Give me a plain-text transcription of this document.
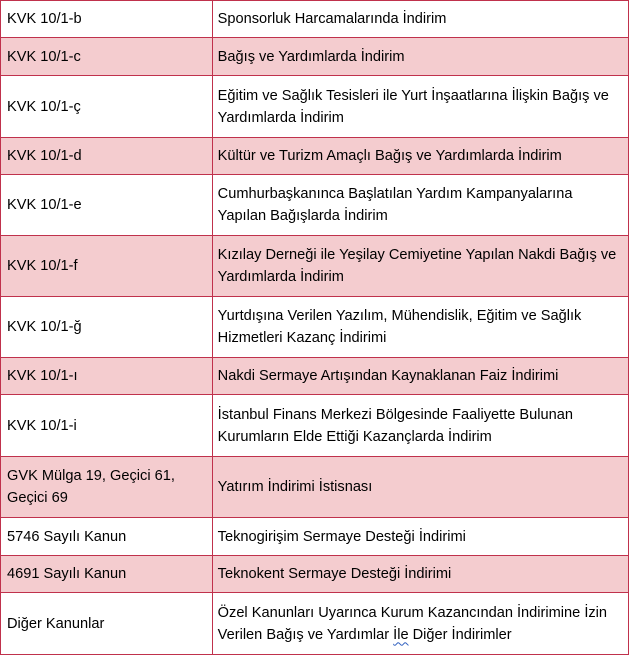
KVK 10/1-b	Sponsorluk Harcamalarında İndirim
KVK 10/1-c	Bağış ve Yardımlarda İndirim
KVK 10/1-ç	Eğitim ve Sağlık Tesisleri ile Yurt İnşaatlarına İlişkin Bağış ve Yardımlarda İndirim
KVK 10/1-d	Kültür ve Turizm Amaçlı Bağış ve Yardımlarda İndirim
KVK 10/1-e	Cumhurbaşkanınca Başlatılan Yardım Kampanyalarına Yapılan Bağışlarda İndirim
KVK 10/1-f	Kızılay Derneği ile Yeşilay Cemiyetine Yapılan Nakdi Bağış ve Yardımlarda İndirim
KVK 10/1-ğ	Yurtdışına Verilen Yazılım, Mühendislik, Eğitim ve Sağlık Hizmetleri Kazanç İndirimi
KVK 10/1-ı	Nakdi Sermaye Artışından Kaynaklanan Faiz İndirimi
KVK 10/1-i	İstanbul Finans Merkezi Bölgesinde Faaliyette Bulunan Kurumların Elde Ettiği Kazançlarda İndirim
GVK Mülga 19, Geçici 61, Geçici 69	Yatırım İndirimi İstisnası
5746 Sayılı Kanun	Teknogirişim Sermaye Desteği İndirimi
4691 Sayılı Kanun	Teknokent Sermaye Desteği İndirimi
Diğer Kanunlar	Özel Kanunları Uyarınca Kurum Kazancından İndirimine İzin Verilen Bağış ve Yardımlar İle Diğer İndirimler
